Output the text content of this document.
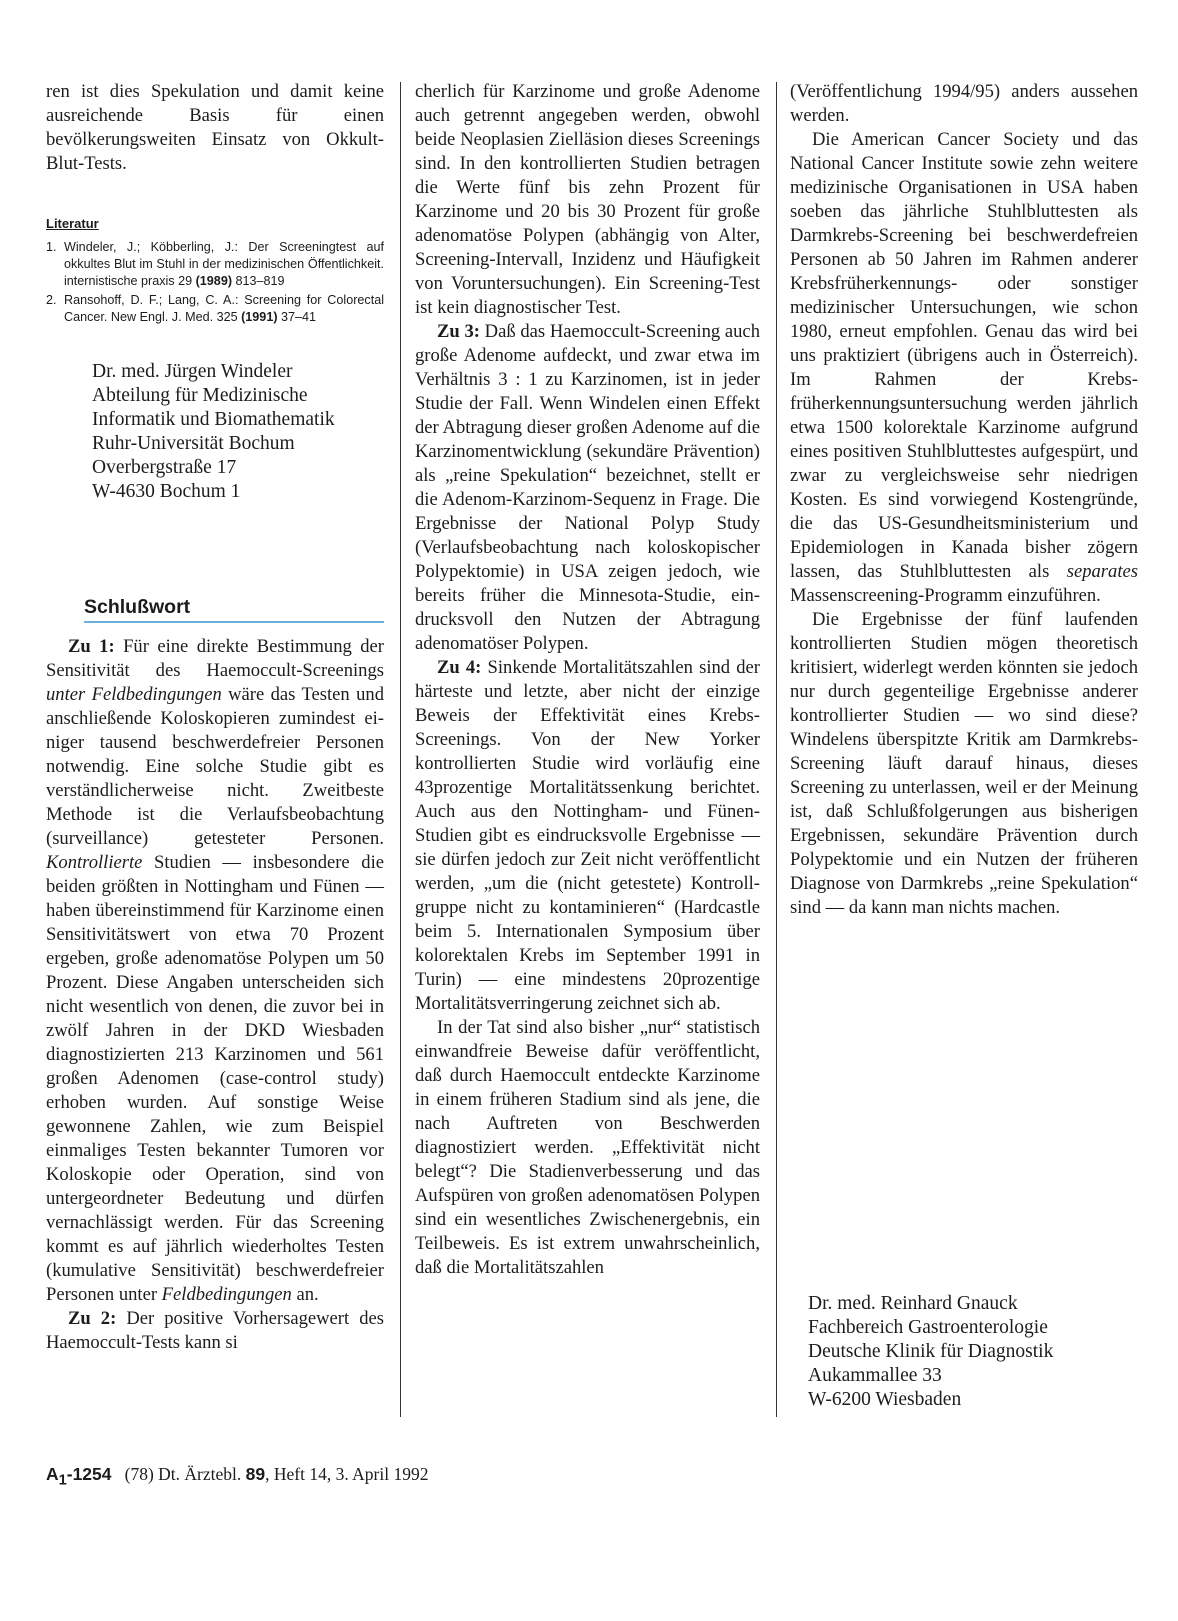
ren ist dies Spekulation und damit keine ausreichende Basis für einen bevölkerungsweiten Einsatz von Okkult-Blut-Tests.

Literatur
1. Windeler, J.; Köbberling, J.: Der Screeningtest auf okkultes Blut im Stuhl in der medizinischen Öffentlichkeit. internistische praxis 29 (1989) 813–819
2. Ransohoff, D. F.; Lang, C. A.: Screening for Colorectal Cancer. New Engl. J. Med. 325 (1991) 37–41
Dr. med. Jürgen Windeler
Abteilung für Medizinische
Informatik und Biomathematik
Ruhr-Universität Bochum
Overbergstraße 17
W-4630 Bochum 1
Schlußwort

Zu 1: Für eine direkte Bestimmung der Sensitivität des Haemoccult-Screenings unter Feldbedingungen wäre das Testen und anschließende Koloskopieren zumindest einiger tausend beschwerdefreier Personen notwendig. Eine solche Studie gibt es verständlicherweise nicht. Zweitbeste Methode ist die Verlaufsbeobachtung (surveillance) getesteter Personen. Kontrollierte Studien — insbesondere die beiden größten in Nottingham und Fünen — haben übereinstimmend für Karzinome einen Sensitivitätswert von etwa 70 Prozent ergeben, große adenomatöse Polypen um 50 Prozent. Diese Angaben unterscheiden sich nicht wesentlich von denen, die zuvor bei in zwölf Jahren in der DKD Wiesbaden diagnostizierten 213 Karzinomen und 561 großen Adenomen (case-control study) erhoben wurden. Auf sonstige Weise gewonnene Zahlen, wie zum Beispiel einmaliges Testen bekannter Tumoren vor Koloskopie oder Operation, sind von untergeordneter Bedeutung und dürfen vernachlässigt werden. Für das Screening kommt es auf jährlich wiederholtes Testen (kumulative Sensitivität) beschwerdefreier Personen unter Feldbedingungen an.

Zu 2: Der positive Vorhersagewert des Haemoccult-Tests kann si

cherlich für Karzinome und große Adenome auch getrennt angegeben werden, obwohl beide Neoplasien Zielläsion dieses Screenings sind. In den kontrollierten Studien betragen die Werte fünf bis zehn Prozent für Karzinome und 20 bis 30 Prozent für große adenomatöse Polypen (abhängig von Alter, Screening-Intervall, Inzidenz und Häufigkeit von Voruntersuchungen). Ein Screening-Test ist kein diagnostischer Test.

Zu 3: Daß das Haemoccult-Screening auch große Adenome aufdeckt, und zwar etwa im Verhältnis 3 : 1 zu Karzinomen, ist in jeder Studie der Fall. Wenn Windelen einen Effekt der Abtragung dieser großen Adenome auf die Karzinomentwicklung (sekundäre Prävention) als „reine Spekulation“ bezeichnet, stellt er die Adenom-Karzinom-Sequenz in Frage. Die Ergebnisse der National Polyp Study (Verlaufsbeobachtung nach koloskopischer Polypektomie) in USA zeigen jedoch, wie bereits früher die Minnesota-Studie, eindrucksvoll den Nutzen der Abtragung adenomatöser Polypen.

Zu 4: Sinkende Mortalitätszahlen sind der härteste und letzte, aber nicht der einzige Beweis der Effektivität eines Krebs-Screenings. Von der New Yorker kontrollierten Studie wird vorläufig eine 43prozentige Mortalitätssenkung berichtet. Auch aus den Nottingham- und Fünen-Studien gibt es eindrucksvolle Ergebnisse — sie dürfen jedoch zur Zeit nicht veröffentlicht werden, „um die (nicht getestete) Kontrollgruppe nicht zu kontaminieren“ (Hardcastle beim 5. Internationalen Symposium über kolorektalen Krebs im September 1991 in Turin) — eine mindestens 20prozentige Mortalitätsverringerung zeichnet sich ab.

In der Tat sind also bisher „nur“ statistisch einwandfreie Beweise dafür veröffentlicht, daß durch Haemoccult entdeckte Karzinome in einem früheren Stadium sind als jene, die nach Auftreten von Beschwerden diagnostiziert werden. „Effektivität nicht belegt“? Die Stadienverbesserung und das Aufspüren von großen adenomatösen Polypen sind ein wesentliches Zwischenergebnis, ein Teilbeweis. Es ist extrem unwahrscheinlich, daß die Mortalitätszahlen

(Veröffentlichung 1994/95) anders aussehen werden.

Die American Cancer Society und das National Cancer Institute sowie zehn weitere medizinische Organisationen in USA haben soeben das jährliche Stuhlbluttesten als Darmkrebs-Screening bei beschwerdefreien Personen ab 50 Jahren im Rahmen anderer Krebsfrüherkennungs- oder sonstiger medizinischer Untersuchungen, wie schon 1980, erneut empfohlen. Genau das wird bei uns praktiziert (übrigens auch in Österreich). Im Rahmen der Krebsfrüherkennungsuntersuchung werden jährlich etwa 1500 kolorektale Karzinome aufgrund eines positiven Stuhlbluttestes aufgespürt, und zwar zu vergleichsweise sehr niedrigen Kosten. Es sind vorwiegend Kostengründe, die das US-Gesundheitsministerium und Epidemiologen in Kanada bisher zögern lassen, das Stuhlbluttesten als separates Massenscreening-Programm einzuführen.

Die Ergebnisse der fünf laufenden kontrollierten Studien mögen theoretisch kritisiert, widerlegt werden könnten sie jedoch nur durch gegenteilige Ergebnisse anderer kontrollierter Studien — wo sind diese? Windelens überspitzte Kritik am Darmkrebs-Screening läuft darauf hinaus, dieses Screening zu unterlassen, weil er der Meinung ist, daß Schlußfolgerungen aus bisherigen Ergebnissen, sekundäre Prävention durch Polypektomie und ein Nutzen der früheren Diagnose von Darmkrebs „reine Spekulation“ sind — da kann man nichts machen.

Dr. med. Reinhard Gnauck
Fachbereich Gastroenterologie
Deutsche Klinik für Diagnostik
Aukammallee 33
W-6200 Wiesbaden
$A_1-1254$ (78) Dt. Ärztebl. 89, Heft 14, 3. April 1992
